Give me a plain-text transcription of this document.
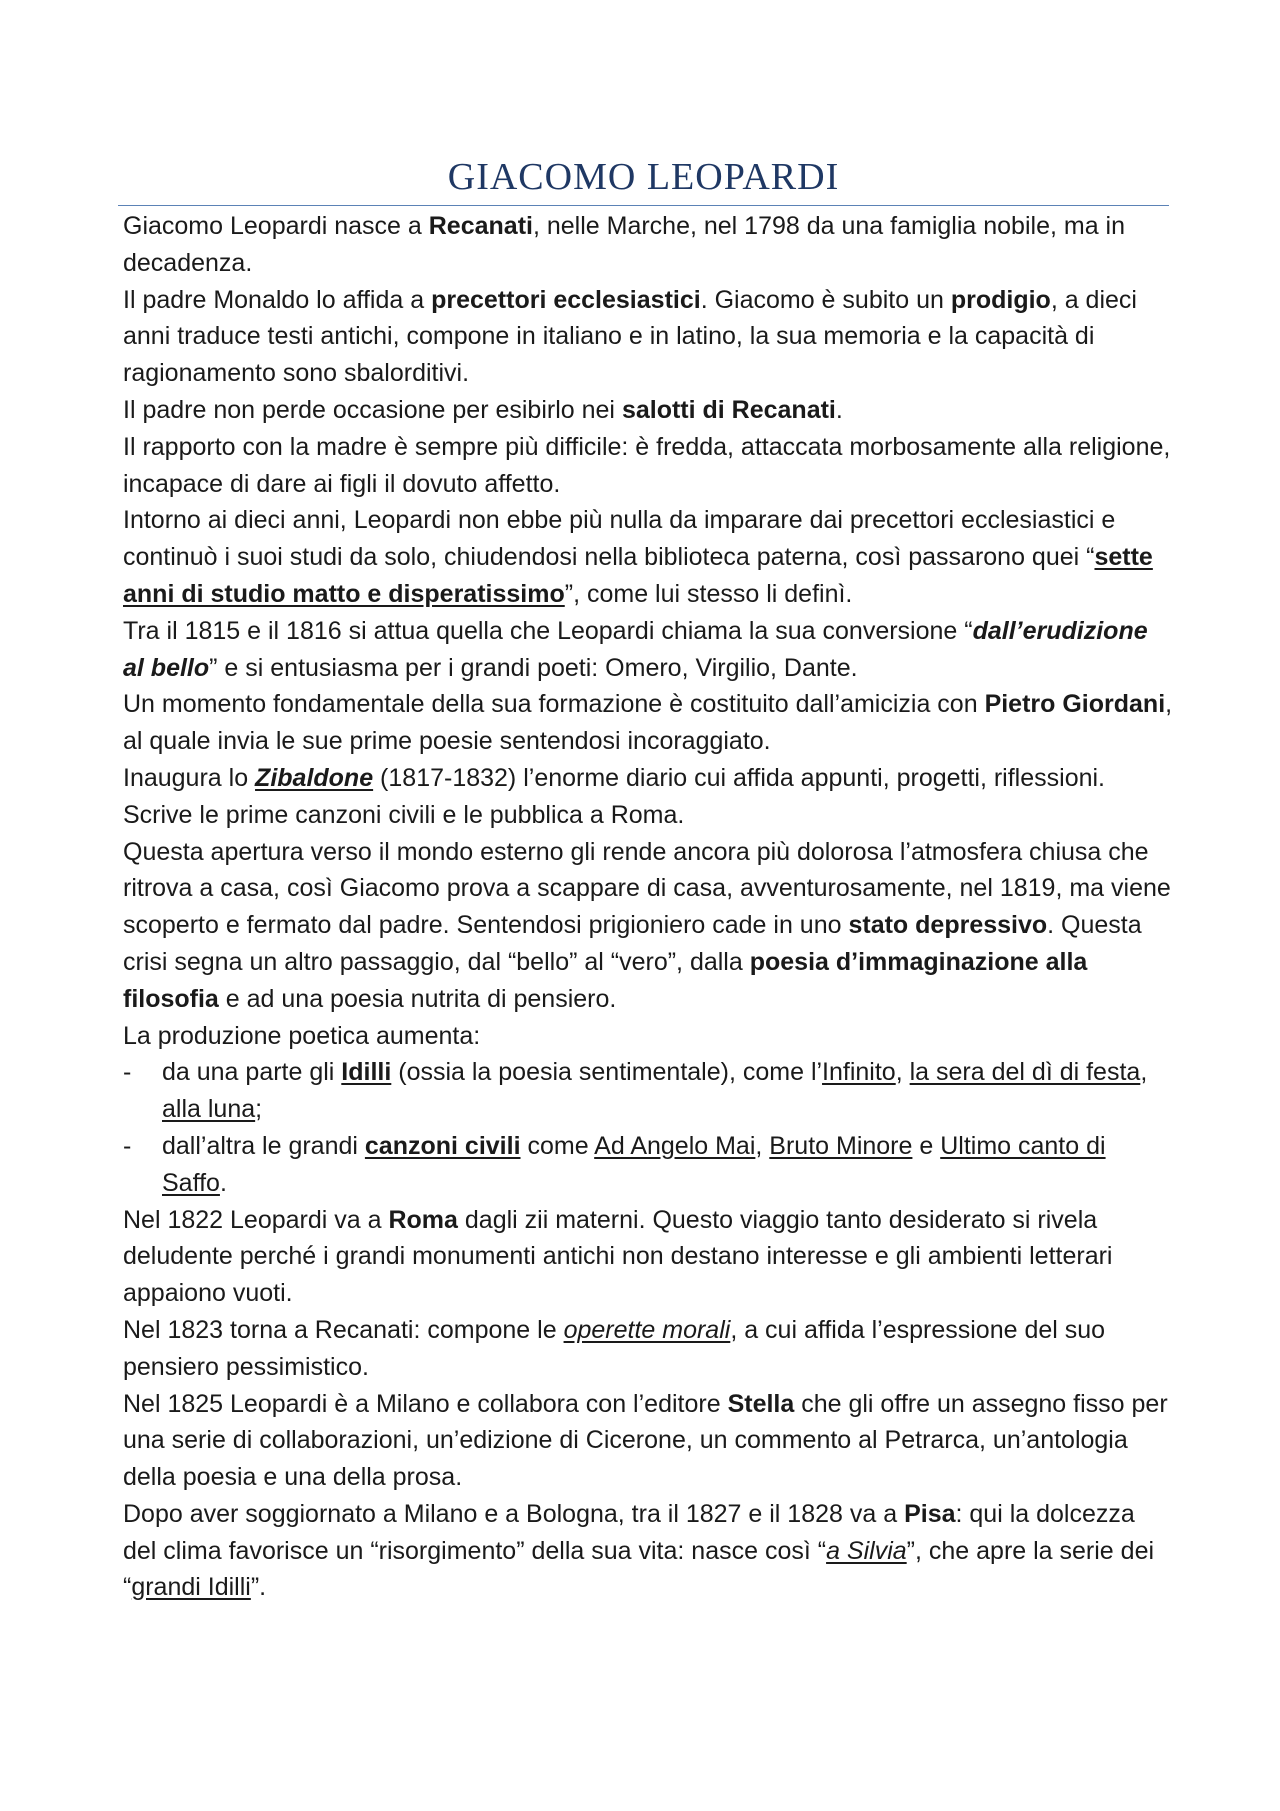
GIACOMO LEOPARDI

Giacomo Leopardi nasce a Recanati, nelle Marche, nel 1798 da una famiglia nobile, ma in decadenza.

Il padre Monaldo lo affida a precettori ecclesiastici. Giacomo è subito un prodigio, a dieci anni traduce testi antichi, compone in italiano e in latino, la sua memoria e la capacità di ragionamento sono sbalorditivi.

Il padre non perde occasione per esibirlo nei salotti di Recanati.

Il rapporto con la madre è sempre più difficile: è fredda, attaccata morbosamente alla religione, incapace di dare ai figli il dovuto affetto.

Intorno ai dieci anni, Leopardi non ebbe più nulla da imparare dai precettori ecclesiastici e continuò i suoi studi da solo, chiudendosi nella biblioteca paterna, così passarono quei “sette anni di studio matto e disperatissimo”, come lui stesso li definì.

Tra il 1815 e il 1816 si attua quella che Leopardi chiama la sua conversione “dall’erudizione al bello” e si entusiasma per i grandi poeti: Omero, Virgilio, Dante.

Un momento fondamentale della sua formazione è costituito dall’amicizia con Pietro Giordani, al quale invia le sue prime poesie sentendosi incoraggiato.

Inaugura lo Zibaldone (1817-1832) l’enorme diario cui affida appunti, progetti, riflessioni. Scrive le prime canzoni civili e le pubblica a Roma.

Questa apertura verso il mondo esterno gli rende ancora più dolorosa l’atmosfera chiusa che ritrova a casa, così Giacomo prova a scappare di casa, avventurosamente, nel 1819, ma viene scoperto e fermato dal padre. Sentendosi prigioniero cade in uno stato depressivo. Questa crisi segna un altro passaggio, dal “bello” al “vero”, dalla poesia d’immaginazione alla filosofia e ad una poesia nutrita di pensiero.

La produzione poetica aumenta:

- da una parte gli Idilli (ossia la poesia sentimentale), come l’Infinito, la sera del dì di festa, alla luna;
- dall’altra le grandi canzoni civili come Ad Angelo Mai, Bruto Minore e Ultimo canto di Saffo.

Nel 1822 Leopardi va a Roma dagli zii materni. Questo viaggio tanto desiderato si rivela deludente perché i grandi monumenti antichi non destano interesse e gli ambienti letterari appaiono vuoti.

Nel 1823 torna a Recanati: compone le operette morali, a cui affida l’espressione del suo pensiero pessimistico.

Nel 1825 Leopardi è a Milano e collabora con l’editore Stella che gli offre un assegno fisso per una serie di collaborazioni, un’edizione di Cicerone, un commento al Petrarca, un’antologia della poesia e una della prosa.

Dopo aver soggiornato a Milano e a Bologna, tra il 1827 e il 1828 va a Pisa: qui la dolcezza del clima favorisce un “risorgimento” della sua vita: nasce così “a Silvia”, che apre la serie dei “grandi Idilli”.
